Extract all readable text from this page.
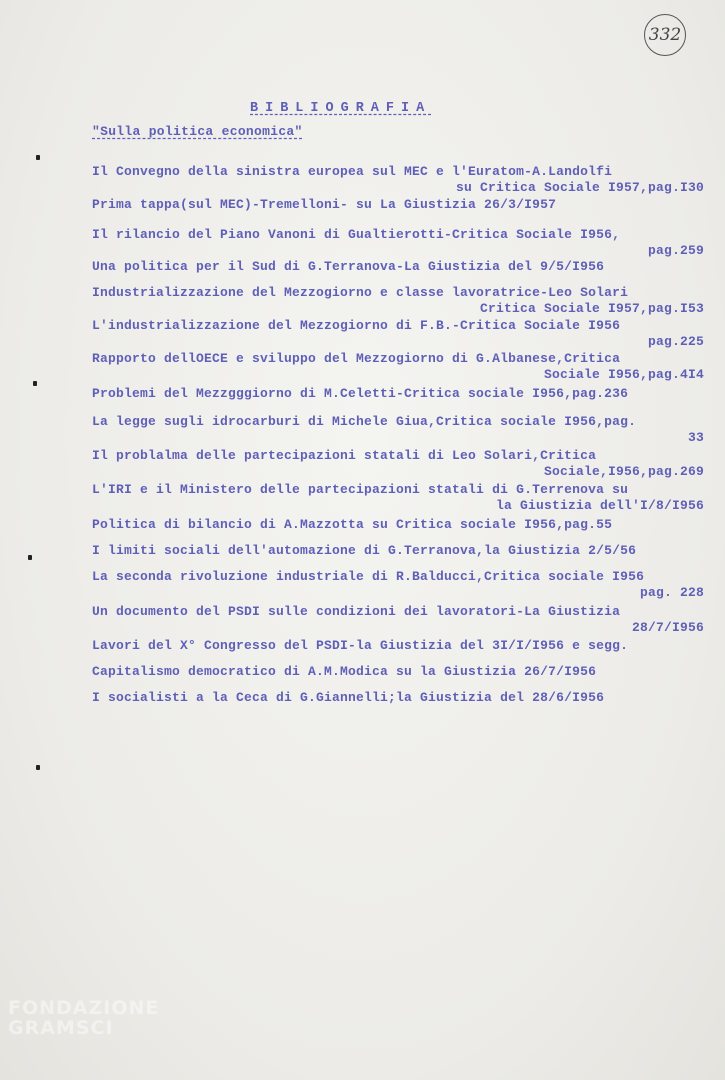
332
BIBLIOGRAFIA
"Sulla politica economica"
Il Convegno della sinistra europea sul MEC e l'Euratom-A.Landolfi
su Critica Sociale I957,pag.I30
Prima tappa(sul MEC)-Tremelloni- su La Giustizia 26/3/I957
Il rilancio del Piano Vanoni di Gualtierotti-Critica Sociale I956,
pag.259
Una politica per il Sud di G.Terranova-La Giustizia del 9/5/I956
Industrializzazione del Mezzogiorno e classe lavoratrice-Leo Solari
Critica Sociale I957,pag.I53
L'industrializzazione del Mezzogiorno di F.B.-Critica Sociale I956
pag.225
Rapporto dellOECE e sviluppo del Mezzogiorno di G.Albanese,Critica
Sociale I956,pag.4I4
Problemi del Mezzgggiorno di M.Celetti-Critica sociale I956,pag.236
La legge sugli idrocarburi di Michele Giua,Critica sociale I956,pag.
33
Il problalma delle partecipazioni statali di Leo Solari,Critica
Sociale,I956,pag.269
L'IRI e il Ministero delle partecipazioni statali di G.Terrenova su
la Giustizia dell'I/8/I956
Politica di bilancio di A.Mazzotta su Critica sociale I956,pag.55
I limiti sociali dell'automazione di G.Terranova,la Giustizia 2/5/56
La seconda rivoluzione industriale di R.Balducci,Critica sociale I956
pag. 228
Un documento del PSDI sulle condizioni dei lavoratori-La Giustizia
28/7/I956
Lavori del X° Congresso del PSDI-la Giustizia del 3I/I/I956 e segg.
Capitalismo democratico di A.M.Modica su la Giustizia 26/7/I956
I socialisti a la Ceca di G.Giannelli;la Giustizia del 28/6/I956
FONDAZIONE
GRAMSCI
